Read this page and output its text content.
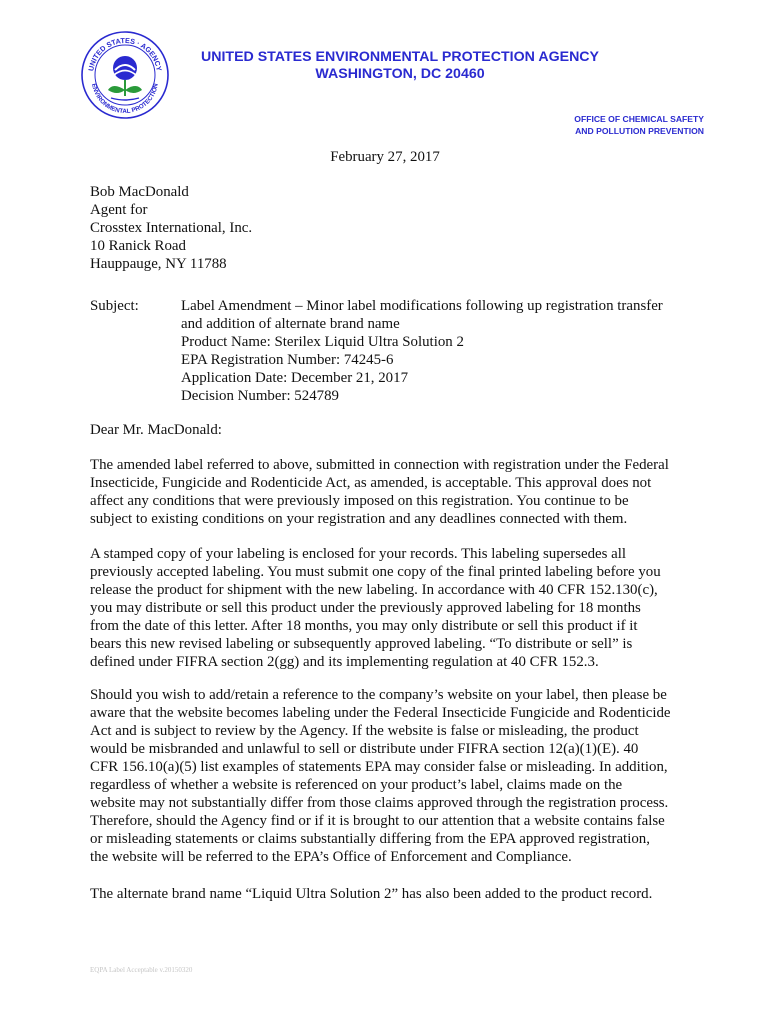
UNITED STATES · AGENCY
ENVIRONMENTAL PROTECTION
UNITED STATES ENVIRONMENTAL PROTECTION AGENCY
WASHINGTON, DC 20460
OFFICE OF CHEMICAL SAFETY
AND POLLUTION PREVENTION
February 27, 2017
Bob MacDonald
Agent for
Crosstex International, Inc.
10 Ranick Road
Hauppauge, NY 11788
Subject:	Label Amendment – Minor label modifications following up registration transfer
and addition of alternate brand name
Product Name: Sterilex Liquid Ultra Solution 2
EPA Registration Number: 74245-6
Application Date: December 21, 2017
Decision Number: 524789
Dear Mr. MacDonald:
The amended label referred to above, submitted in connection with registration under the Federal
Insecticide, Fungicide and Rodenticide Act, as amended, is acceptable. This approval does not
affect any conditions that were previously imposed on this registration. You continue to be
subject to existing conditions on your registration and any deadlines connected with them.
A stamped copy of your labeling is enclosed for your records. This labeling supersedes all
previously accepted labeling. You must submit one copy of the final printed labeling before you
release the product for shipment with the new labeling. In accordance with 40 CFR 152.130(c),
you may distribute or sell this product under the previously approved labeling for 18 months
from the date of this letter. After 18 months, you may only distribute or sell this product if it
bears this new revised labeling or subsequently approved labeling. “To distribute or sell” is
defined under FIFRA section 2(gg) and its implementing regulation at 40 CFR 152.3.
Should you wish to add/retain a reference to the company’s website on your label, then please be
aware that the website becomes labeling under the Federal Insecticide Fungicide and Rodenticide
Act and is subject to review by the Agency. If the website is false or misleading, the product
would be misbranded and unlawful to sell or distribute under FIFRA section 12(a)(1)(E). 40
CFR 156.10(a)(5) list examples of statements EPA may consider false or misleading. In addition,
regardless of whether a website is referenced on your product’s label, claims made on the
website may not substantially differ from those claims approved through the registration process.
Therefore, should the Agency find or if it is brought to our attention that a website contains false
or misleading statements or claims substantially differing from the EPA approved registration,
the website will be referred to the EPA’s Office of Enforcement and Compliance.
The alternate brand name “Liquid Ultra Solution 2” has also been added to the product record.
EQPA Label Acceptable v.20150320
